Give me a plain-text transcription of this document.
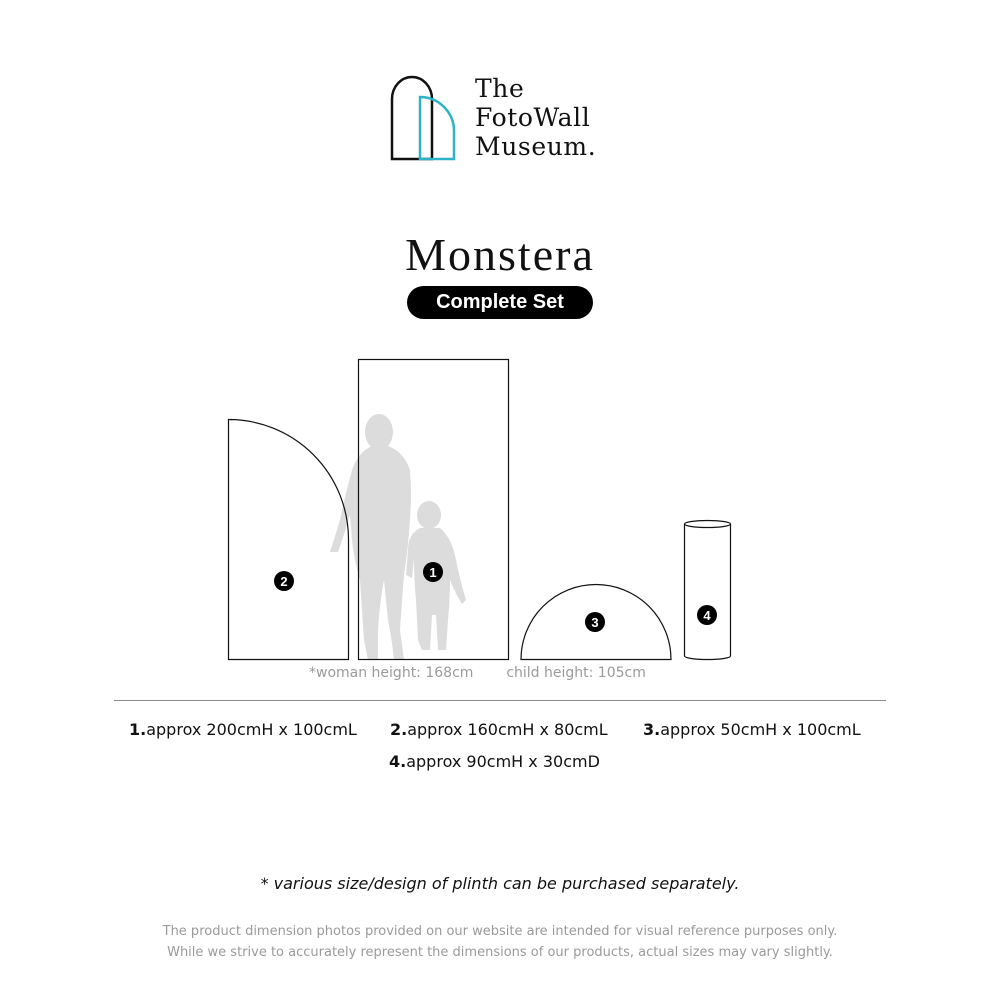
The
FotoWall
Museum.
Monstera
Complete Set
1
2
3	4
*woman height: 168cm child height: 105cm
1.approx 200cmH x 100cmL 2.approx 160cmH x 80cmL 3.approx 50cmH x 100cmL
4.approx 90cmH x 30cmD
* various size/design of plinth can be purchased separately.
The product dimension photos provided on our website are intended for visual reference purposes only.
While we strive to accurately represent the dimensions of our products, actual sizes may vary slightly.
